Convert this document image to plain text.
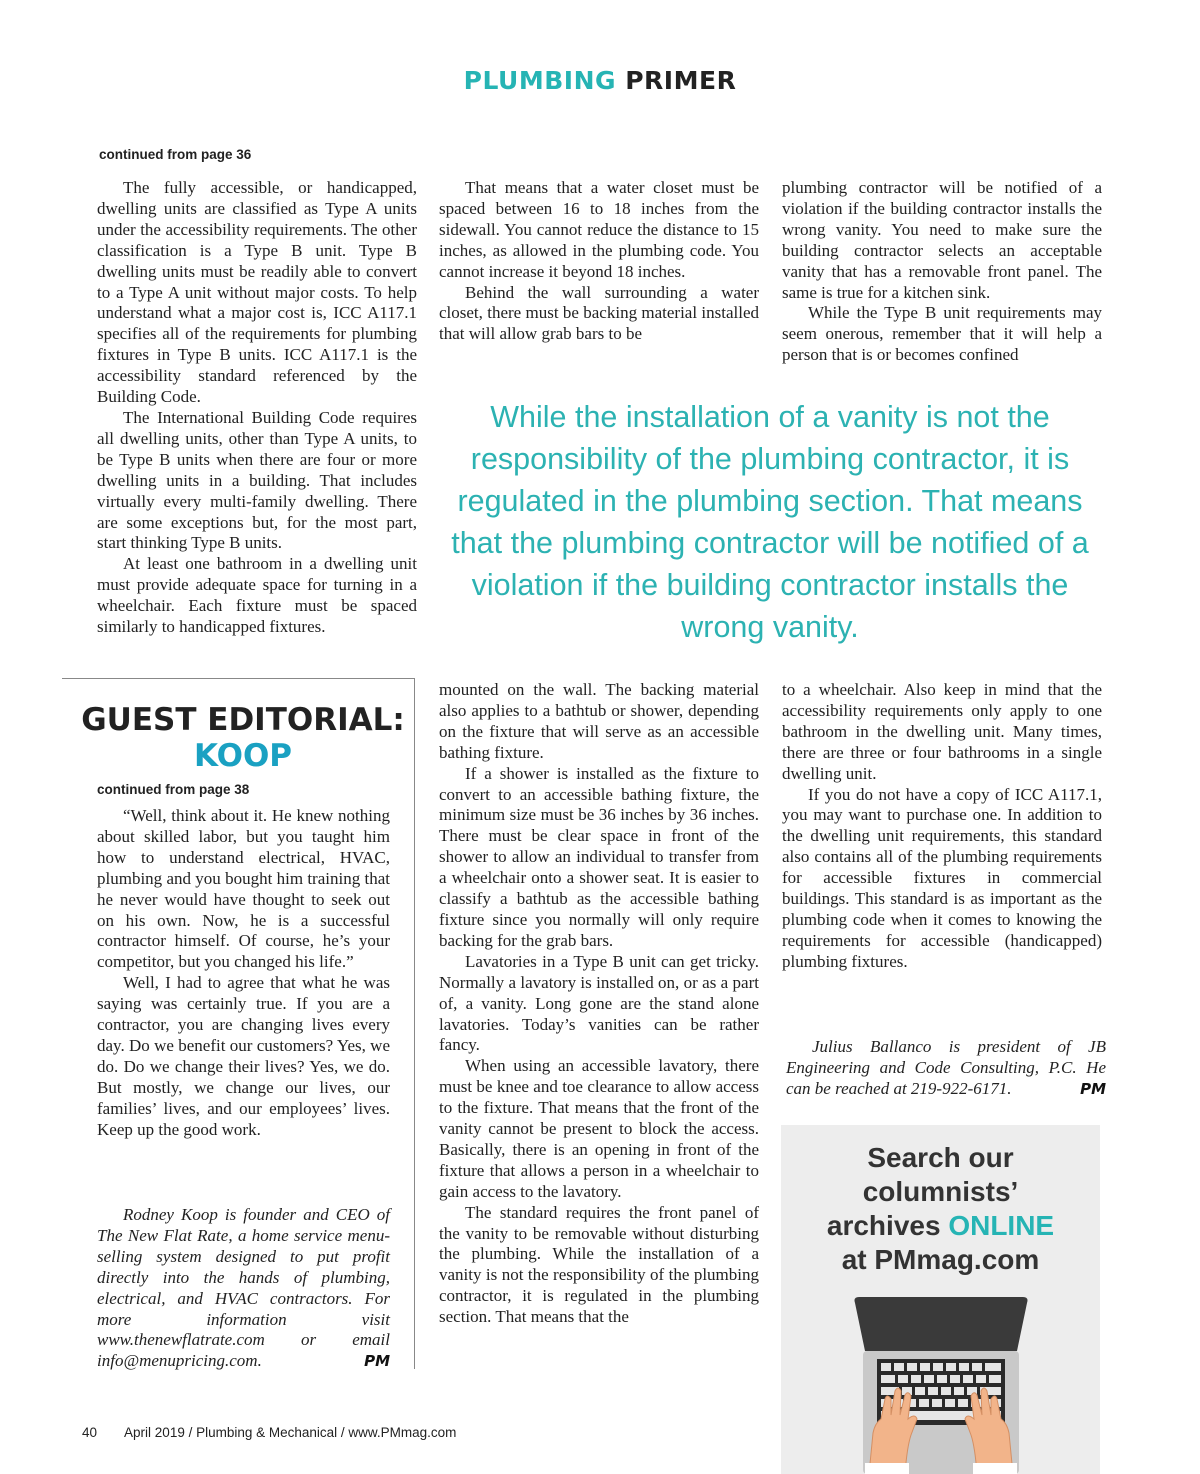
PLUMBING PRIMER
continued from page 36

The fully accessible, or handicapped, dwelling units are classified as Type A units under the accessibility requirements. The other classification is a Type B unit. Type B dwelling units must be readily able to convert to a Type A unit without major costs. To help understand what a major cost is, ICC A117.1 specifies all of the requirements for plumbing fixtures in Type B units. ICC A117.1 is the accessibility standard referenced by the Building Code.

The International Building Code requires all dwelling units, other than Type A units, to be Type B units when there are four or more dwelling units in a building. That includes virtually every multi-family dwelling. There are some exceptions but, for the most part, start thinking Type B units.

At least one bathroom in a dwelling unit must provide adequate space for turning in a wheelchair. Each fixture must be spaced similarly to handicapped fixtures.

That means that a water closet must be spaced between 16 to 18 inches from the sidewall. You cannot reduce the distance to 15 inches, as allowed in the plumbing code. You cannot increase it beyond 18 inches.

Behind the wall surrounding a water closet, there must be backing material installed that will allow grab bars to be

plumbing contractor will be notified of a violation if the building contractor installs the wrong vanity. You need to make sure the building contractor selects an acceptable vanity that has a removable front panel. The same is true for a kitchen sink.

While the Type B unit requirements may seem onerous, remember that it will help a person that is or becomes confined

While the installation of a vanity is not the responsibility of the plumbing contractor, it is regulated in the plumbing section. That means that the plumbing contractor will be notified of a violation if the building contractor installs the wrong vanity.

mounted on the wall. The backing material also applies to a bathtub or shower, depending on the fixture that will serve as an accessible bathing fixture.

If a shower is installed as the fixture to convert to an accessible bathing fixture, the minimum size must be 36 inches by 36 inches. There must be clear space in front of the shower to allow an individual to transfer from a wheelchair onto a shower seat. It is easier to classify a bathtub as the accessible bathing fixture since you normally will only require backing for the grab bars.

Lavatories in a Type B unit can get tricky. Normally a lavatory is installed on, or as a part of, a vanity. Long gone are the stand alone lavatories. Today’s vanities can be rather fancy.

When using an accessible lavatory, there must be knee and toe clearance to allow access to the fixture. That means that the front of the vanity cannot be present to block the access. Basically, there is an opening in front of the fixture that allows a person in a wheelchair to gain access to the lavatory.

The standard requires the front panel of the vanity to be removable without disturbing the plumbing. While the installation of a vanity is not the responsibility of the plumbing contractor, it is regulated in the plumbing section. That means that the

to a wheelchair. Also keep in mind that the accessibility requirements only apply to one bathroom in the dwelling unit. Many times, there are three or four bathrooms in a single dwelling unit.

If you do not have a copy of ICC A117.1, you may want to purchase one. In addition to the dwelling unit requirements, this standard also contains all of the plumbing requirements for accessible fixtures in commercial buildings. This standard is as important as the plumbing code when it comes to knowing the requirements for accessible (handicapped) plumbing fixtures.

Julius Ballanco is president of JB Engineering and Code Consulting, P.C. He can be reached at 219-922-6171.	PM

GUEST EDITORIAL:
KOOP
continued from page 38

“Well, think about it. He knew nothing about skilled labor, but you taught him how to understand electrical, HVAC, plumbing and you bought him training that he never would have thought to seek out on his own. Now, he is a successful contractor himself. Of course, he’s your competitor, but you changed his life.”

Well, I had to agree that what he was saying was certainly true. If you are a contractor, you are changing lives every day. Do we benefit our customers? Yes, we do. Do we change their lives? Yes, we do. But mostly, we change our lives, our families’ lives, and our employees’ lives. Keep up the good work.

Rodney Koop is founder and CEO of The New Flat Rate, a home service menu-selling system designed to put profit directly into the hands of plumbing, electrical, and HVAC contractors. For more information visit www.thenewflatrate.com or email info@menupricing.com.	PM

Search our
columnists’
archives ONLINE
at PMmag.com
40 April 2019 / Plumbing & Mechanical / www.PMmag.com
